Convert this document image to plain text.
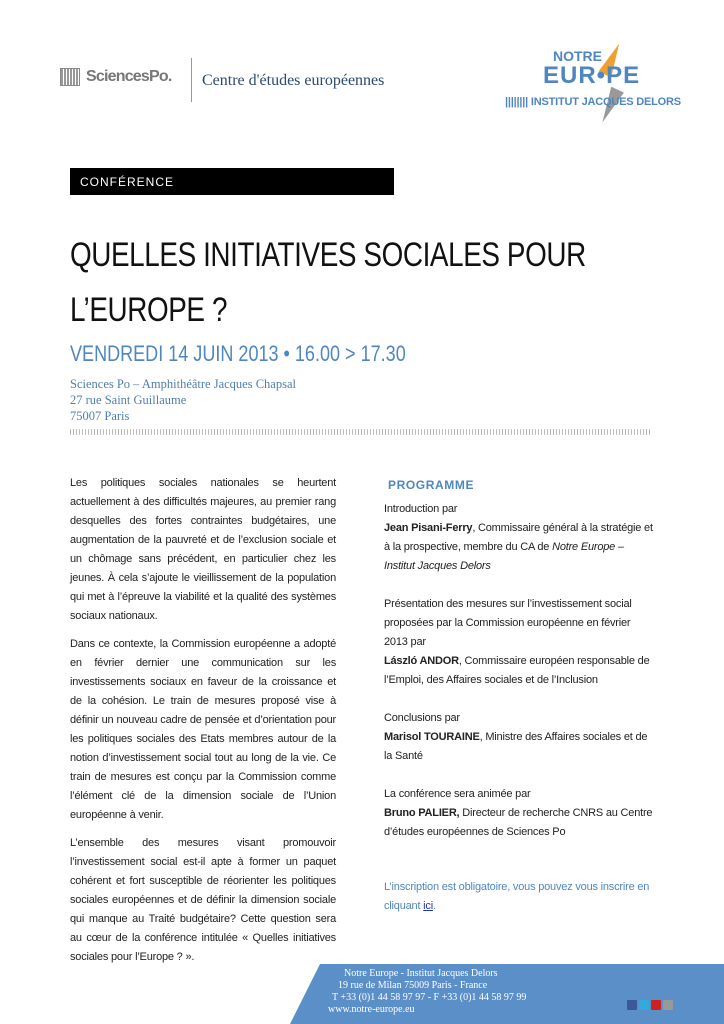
SciencesPo. Centre d'études européennes
NOTRE
EUR•PE
|||||||| INSTITUT JACQUES DELORS
CONFÉRENCE
QUELLES INITIATIVES SOCIALES POUR L’EUROPE ?
VENDREDI 14 JUIN 2013 • 16.00 > 17.30
Sciences Po – Amphithéâtre Jacques Chapsal
27 rue Saint Guillaume
75007 Paris

Les politiques sociales nationales se heurtent actuellement à des difficultés majeures, au premier rang desquelles des fortes contraintes budgétaires, une augmentation de la pauvreté et de l’exclusion sociale et un chômage sans précédent, en particulier chez les jeunes. À cela s’ajoute le vieillissement de la population qui met à l’épreuve la viabilité et la qualité des systèmes sociaux nationaux.

Dans ce contexte, la Commission européenne a adopté en février dernier une communication sur les investissements sociaux en faveur de la croissance et de la cohésion. Le train de mesures proposé vise à définir un nouveau cadre de pensée et d’orientation pour les politiques sociales des Etats membres autour de la notion d’investissement social tout au long de la vie. Ce train de mesures est conçu par la Commission comme l’élément clé de la dimension sociale de l’Union européenne à venir.

L’ensemble des mesures visant promouvoir l’investissement social est-il apte à former un paquet cohérent et fort susceptible de réorienter les politiques sociales européennes et de définir la dimension sociale qui manque au Traité budgétaire? Cette question sera au cœur de la conférence intitulée « Quelles initiatives sociales pour l’Europe ? ».

PROGRAMME
Introduction par
Jean Pisani-Ferry, Commissaire général à la stratégie et à la prospective, membre du CA de Notre Europe – Institut Jacques Delors
Présentation des mesures sur l’investissement social proposées par la Commission européenne en février 2013 par
László ANDOR, Commissaire européen responsable de l’Emploi, des Affaires sociales et de l’Inclusion
Conclusions par
Marisol TOURAINE, Ministre des Affaires sociales et de la Santé
La conférence sera animée par
Bruno PALIER, Directeur de recherche CNRS au Centre d’études européennes de Sciences Po
L’inscription est obligatoire, vous pouvez vous inscrire en cliquant ici.
Notre Europe - Institut Jacques Delors
19 rue de Milan 75009 Paris - France
T +33 (0)1 44 58 97 97 - F +33 (0)1 44 58 97 99
www.notre-europe.eu
